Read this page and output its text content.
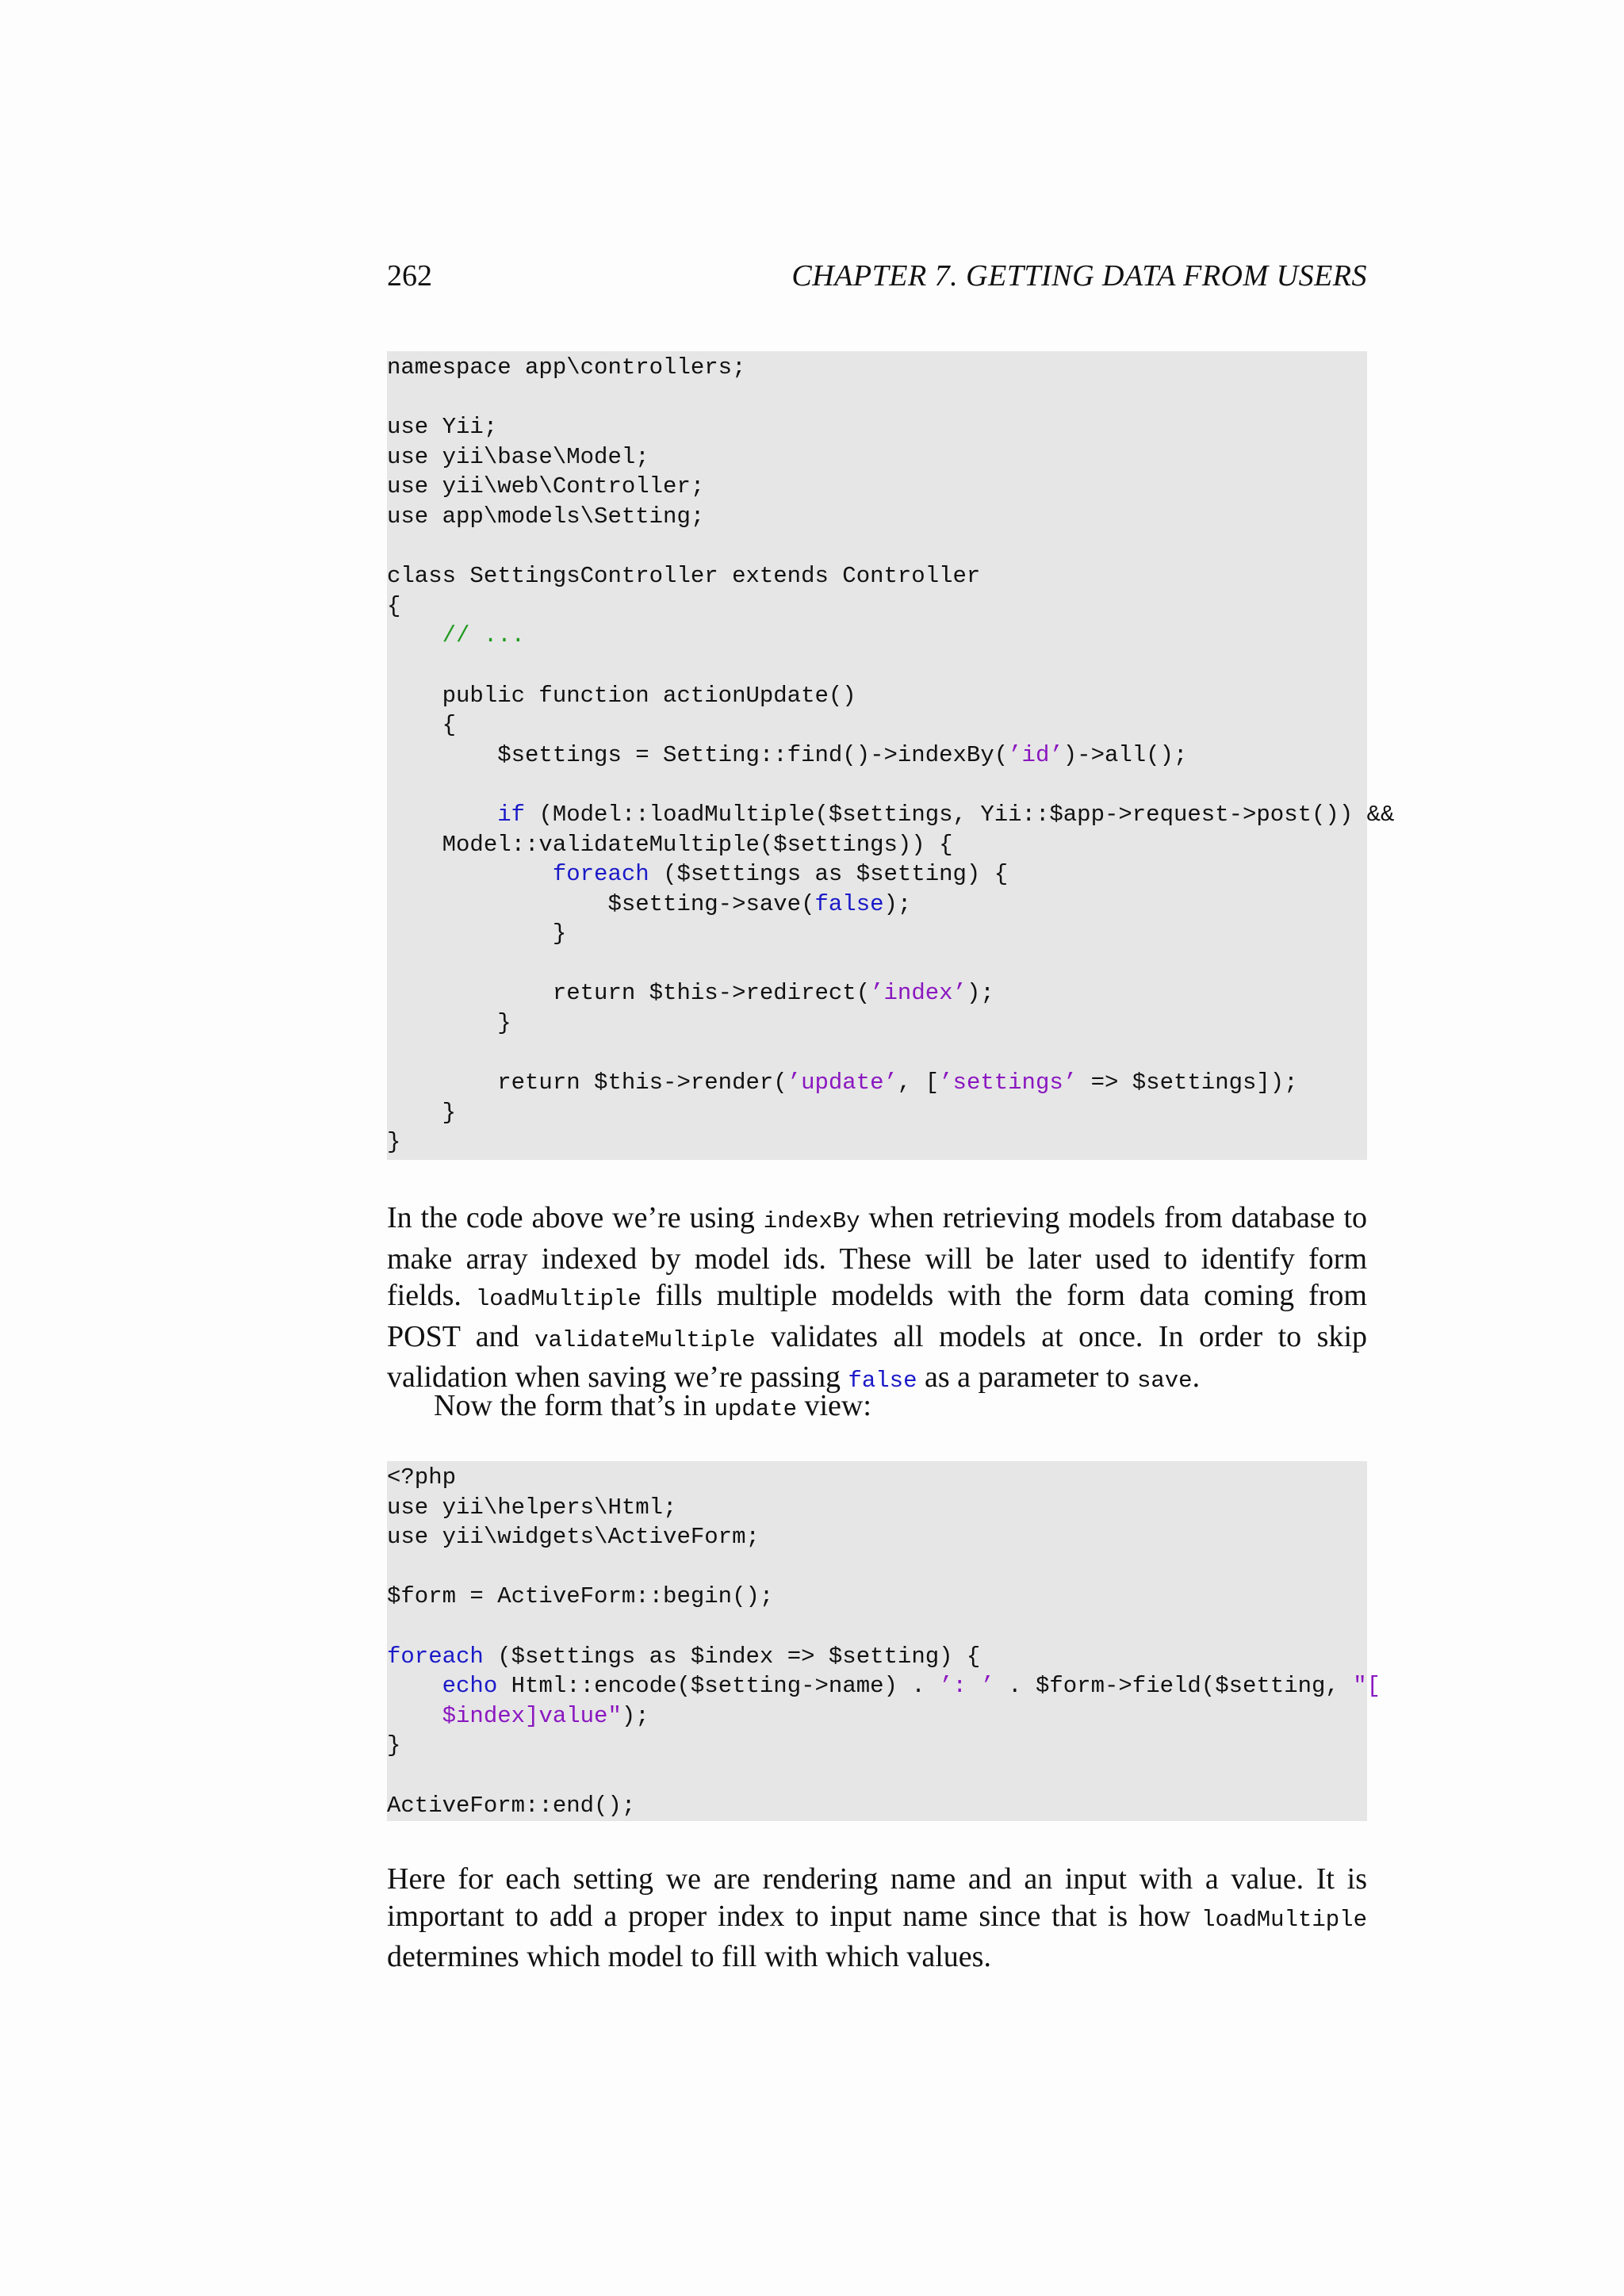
262	CHAPTER 7. GETTING DATA FROM USERS
namespace app\controllers;
use Yii;
use yii\base\Model;
use yii\web\Controller;
use app\models\Setting;
class SettingsController extends Controller
{
// ...
public function actionUpdate()
{
$settings = Setting::find()->indexBy(’id’)->all();
if (Model::loadMultiple($settings, Yii::$app->request->post()) &&
Model::validateMultiple($settings)) {
foreach ($settings as $setting) {
$setting->save(false);
}
return $this->redirect(’index’);
}
return $this->render(’update’, [’settings’ => $settings]);
}
}

In the code above we’re using indexBy when retrieving models from database to make array indexed by model ids. These will be later used to identify form fields. loadMultiple fills multiple modelds with the form data coming from POST and validateMultiple validates all models at once. In order to skip validation when saving we’re passing false as a parameter to save.

Now the form that’s in update view:

<?php
use yii\helpers\Html;
use yii\widgets\ActiveForm;
$form = ActiveForm::begin();
foreach ($settings as $index => $setting) {
echo Html::encode($setting->name) . ’: ’ . $form->field($setting, "[
$index]value");
}
ActiveForm::end();

Here for each setting we are rendering name and an input with a value. It is important to add a proper index to input name since that is how loadMultiple determines which model to fill with which values.
